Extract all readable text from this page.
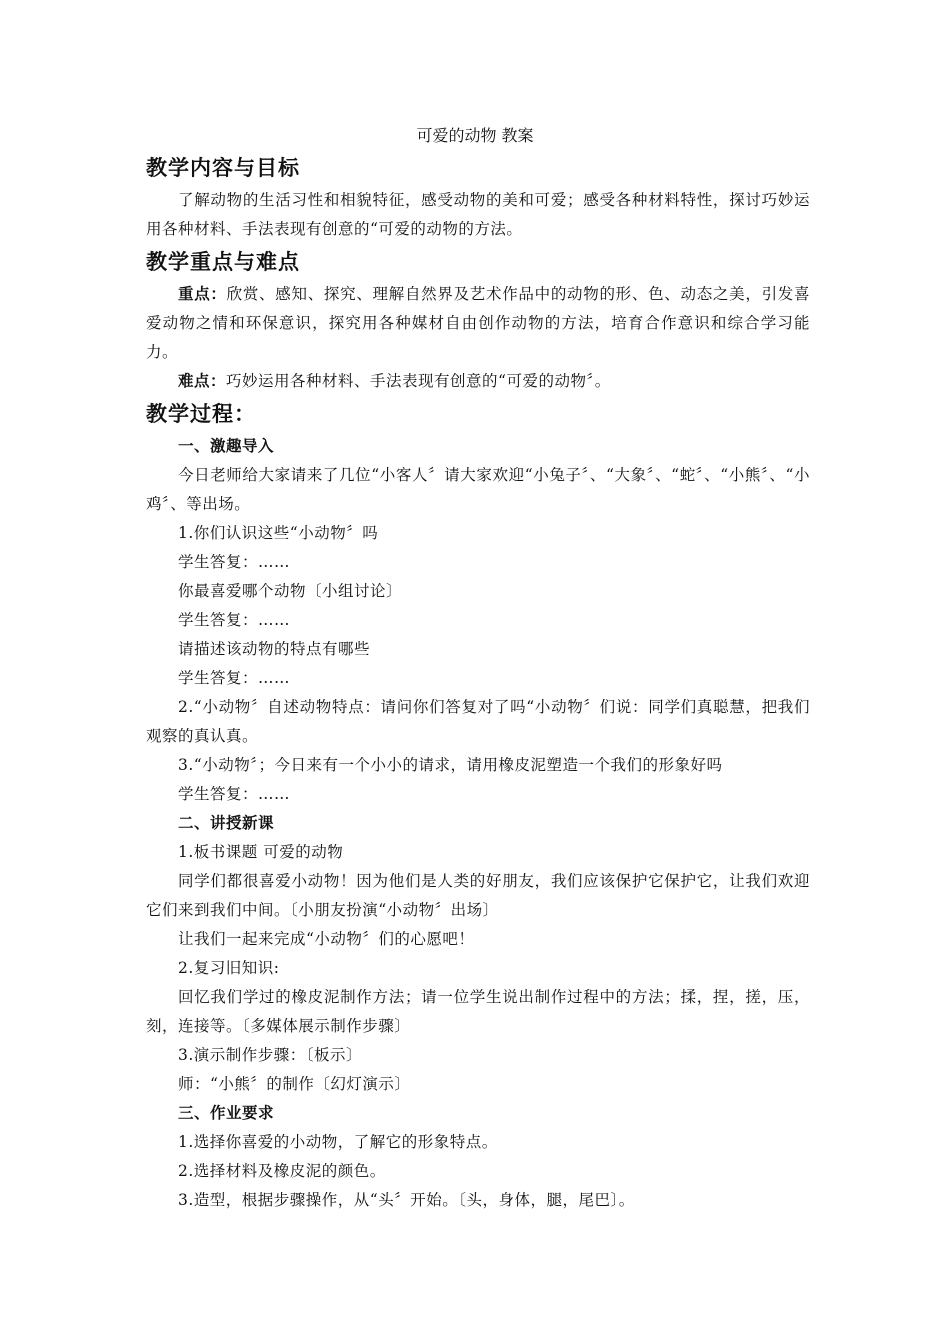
可爱的动物 教案
教学内容与目标

了解动物的生活习性和相貌特征，感受动物的美和可爱；感受各种材料特性，探讨巧妙运用各种材料、手法表现有创意的“可爱的动物的方法。

教学重点与难点

重点：欣赏、感知、探究、理解自然界及艺术作品中的动物的形、色、动态之美，引发喜爱动物之情和环保意识，探究用各种媒材自由创作动物的方法，培育合作意识和综合学习能力。

难点：巧妙运用各种材料、手法表现有创意的“可爱的动物〞。

教学过程：

一、激趣导入

今日老师给大家请来了几位“小客人〞请大家欢迎“小兔子〞、“大象〞、“蛇〞、“小熊〞、“小鸡〞、等出场。

1.你们认识这些“小动物〞吗

学生答复：……

你最喜爱哪个动物〔小组讨论〕

学生答复：……

请描述该动物的特点有哪些

学生答复：……

2.“小动物〞自述动物特点：请问你们答复对了吗“小动物〞们说：同学们真聪慧，把我们观察的真认真。

3.“小动物〞；今日来有一个小小的请求，请用橡皮泥塑造一个我们的形象好吗

学生答复：……

二、讲授新课

1.板书课题 可爱的动物

同学们都很喜爱小动物！因为他们是人类的好朋友，我们应该保护它保护它，让我们欢迎它们来到我们中间。〔小朋友扮演“小动物〞出场〕

让我们一起来完成“小动物〞们的心愿吧！

2.复习旧知识:

回忆我们学过的橡皮泥制作方法；请一位学生说出制作过程中的方法；揉，捏，搓，压，刻，连接等。〔多媒体展示制作步骤〕

3.演示制作步骤：〔板示〕

师：“小熊〞的制作〔幻灯演示〕

三、作业要求

1.选择你喜爱的小动物，了解它的形象特点。

2.选择材料及橡皮泥的颜色。

3.造型，根据步骤操作，从“头〞开始。〔头，身体，腿，尾巴〕。
